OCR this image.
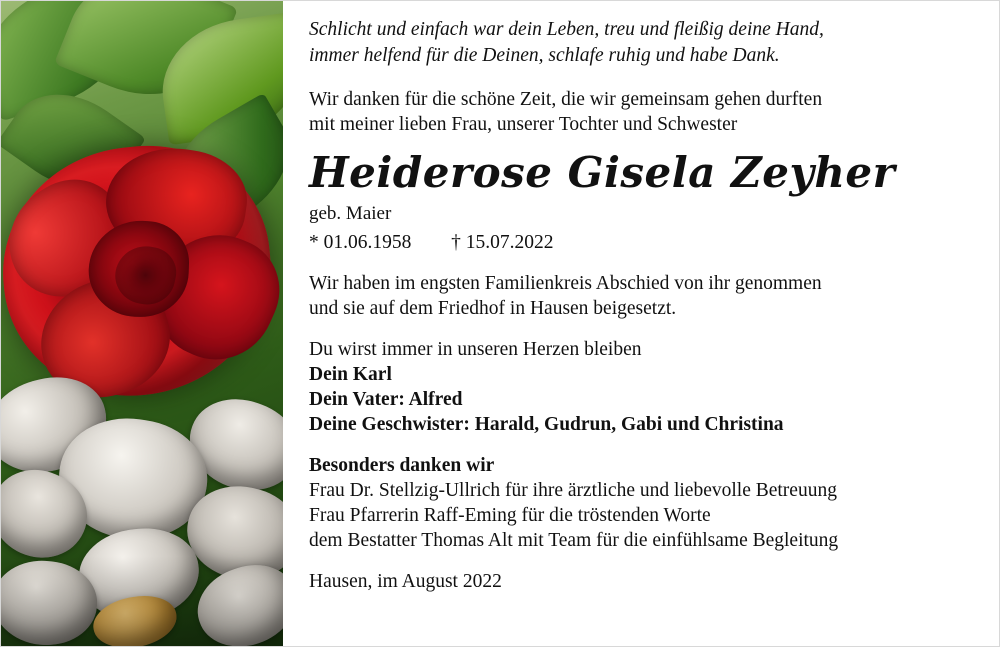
Schlicht und einfach war dein Leben, treu und fleißig deine Hand,
immer helfend für die Deinen, schlafe ruhig und habe Dank.
Wir danken für die schöne Zeit, die wir gemeinsam gehen durften
mit meiner lieben Frau, unserer Tochter und Schwester
Heiderose Gisela Zeyher
geb. Maier
* 01.06.1958 † 15.07.2022
Wir haben im engsten Familienkreis Abschied von ihr genommen
und sie auf dem Friedhof in Hausen beigesetzt.
Du wirst immer in unseren Herzen bleiben
Dein Karl
Dein Vater: Alfred
Deine Geschwister: Harald, Gudrun, Gabi und Christina
Besonders danken wir
Frau Dr. Stellzig-Ullrich für ihre ärztliche und liebevolle Betreuung
Frau Pfarrerin Raff-Eming für die tröstenden Worte
dem Bestatter Thomas Alt mit Team für die einfühlsame Begleitung
Hausen, im August 2022
